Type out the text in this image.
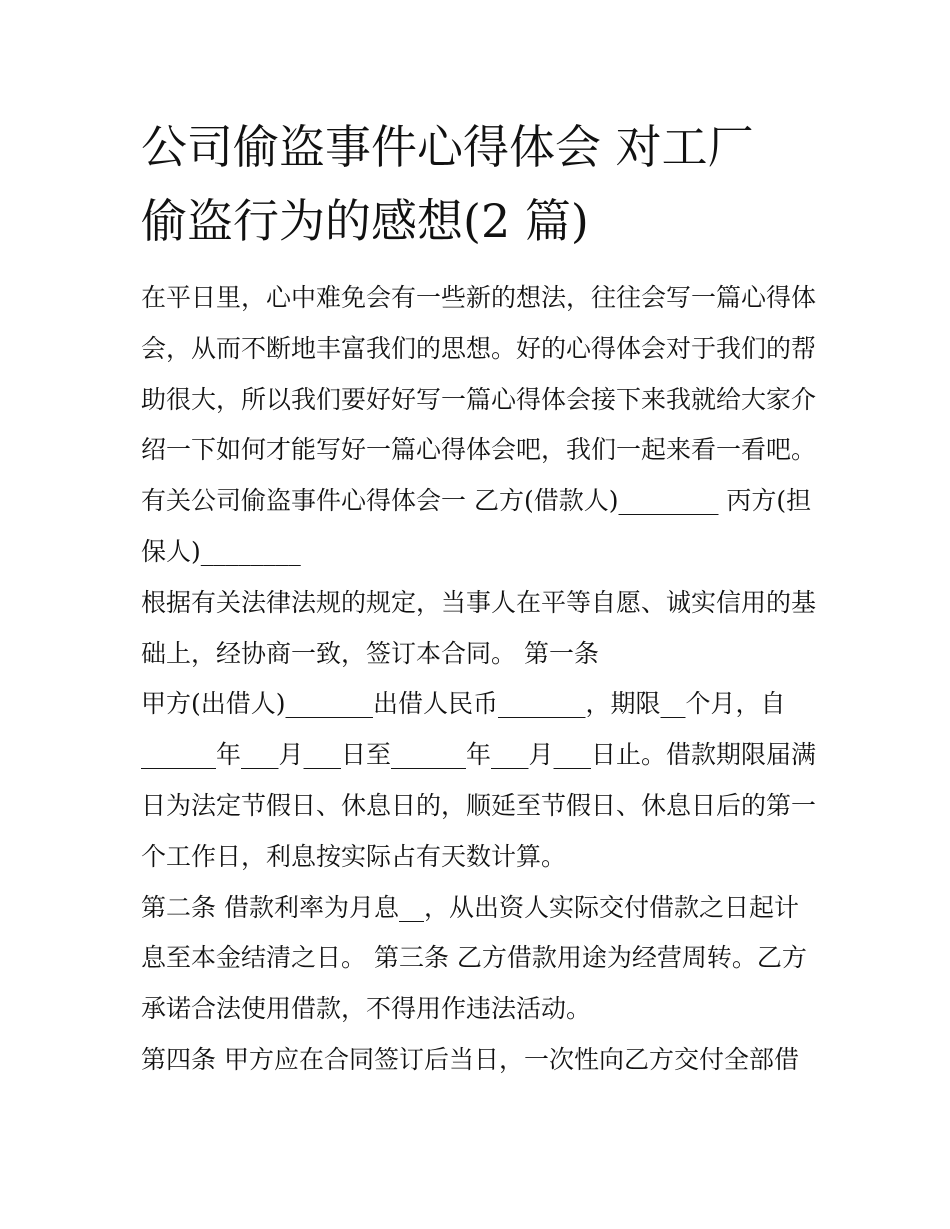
公司偷盗事件心得体会 对工厂
偷盗行为的感想(2 篇)
在平日里，心中难免会有一些新的想法，往往会写一篇心得体
会，从而不断地丰富我们的思想。好的心得体会对于我们的帮
助很大，所以我们要好好写一篇心得体会接下来我就给大家介
绍一下如何才能写好一篇心得体会吧，我们一起来看一看吧。
有关公司偷盗事件心得体会一 乙方(借款人)________ 丙方(担
保人)________
根据有关法律法规的规定，当事人在平等自愿、诚实信用的基
础上，经协商一致，签订本合同。 第一条
甲方(出借人)_______出借人民币_______，期限__个月，自
______年___月___日至______年___月___日止。借款期限届满
日为法定节假日、休息日的，顺延至节假日、休息日后的第一
个工作日，利息按实际占有天数计算。
第二条 借款利率为月息__，从出资人实际交付借款之日起计
息至本金结清之日。 第三条 乙方借款用途为经营周转。乙方
承诺合法使用借款，不得用作违法活动。
第四条 甲方应在合同签订后当日，一次性向乙方交付全部借
